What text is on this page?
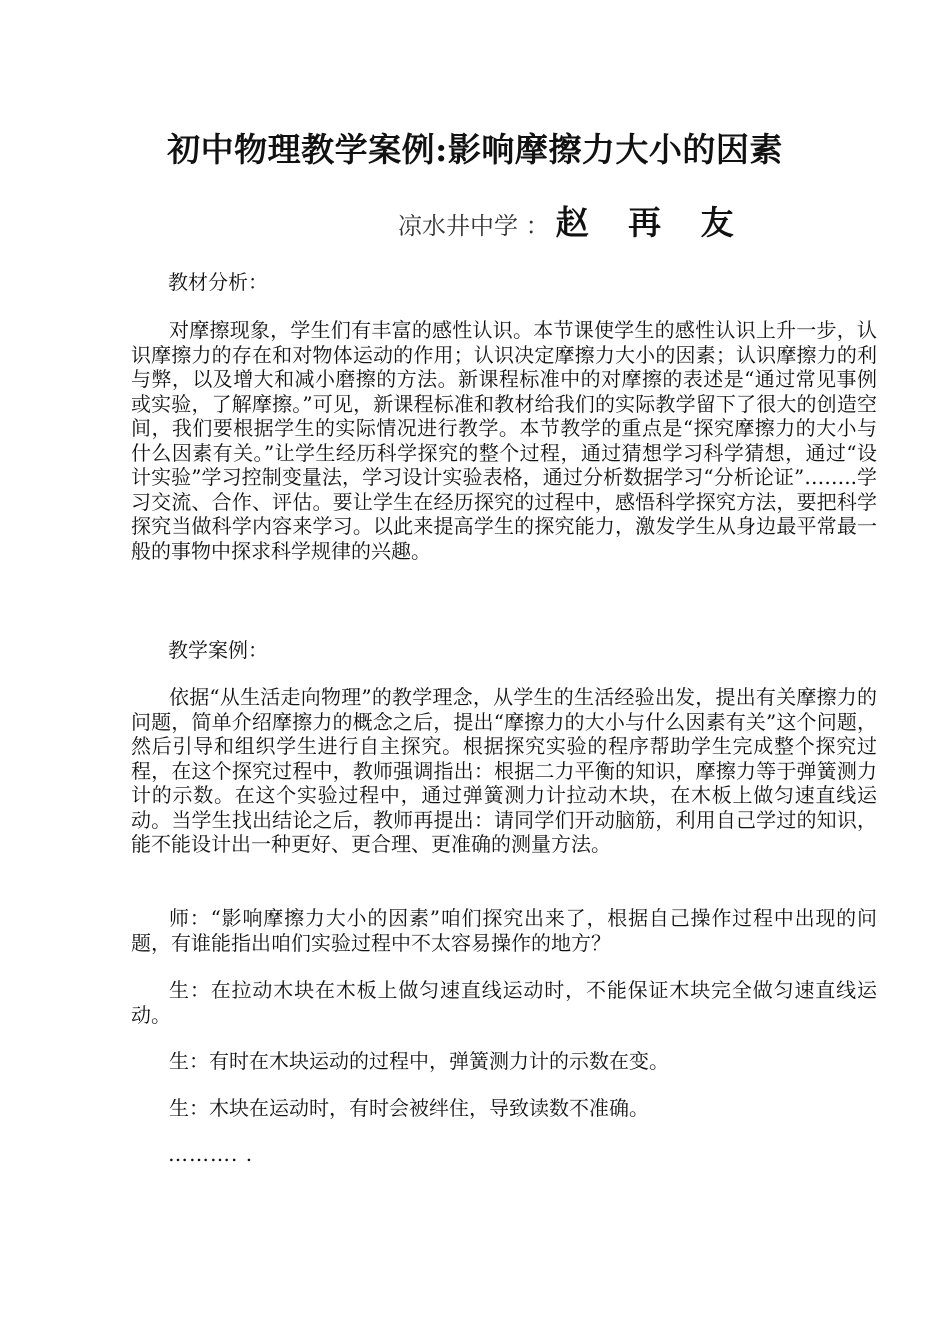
初中物理教学案例:影响摩擦力大小的因素
凉水井中学 ： 赵 再 友
教材分析：

对摩擦现象，学生们有丰富的感性认识。本节课使学生的感性认识上升一步，认识摩擦力的存在和对物体运动的作用；认识决定摩擦力大小的因素；认识摩擦力的利与弊，以及增大和减小磨擦的方法。新课程标准中的对摩擦的表述是“通过常见事例或实验，了解摩擦。”可见，新课程标准和教材给我们的实际教学留下了很大的创造空间，我们要根据学生的实际情况进行教学。本节教学的重点是“探究摩擦力的大小与什么因素有关。”让学生经历科学探究的整个过程，通过猜想学习科学猜想，通过“设计实验”学习控制变量法，学习设计实验表格，通过分析数据学习“分析论证”……..学习交流、合作、评估。要让学生在经历探究的过程中，感悟科学探究方法，要把科学探究当做科学内容来学习。以此来提高学生的探究能力，激发学生从身边最平常最一般的事物中探求科学规律的兴趣。

教学案例：

依据“从生活走向物理”的教学理念，从学生的生活经验出发，提出有关摩擦力的问题，简单介绍摩擦力的概念之后，提出“摩擦力的大小与什么因素有关”这个问题，然后引导和组织学生进行自主探究。根据探究实验的程序帮助学生完成整个探究过程，在这个探究过程中，教师强调指出：根据二力平衡的知识，摩擦力等于弹簧测力计的示数。在这个实验过程中，通过弹簧测力计拉动木块，在木板上做匀速直线运动。当学生找出结论之后，教师再提出：请同学们开动脑筋，利用自己学过的知识，能不能设计出一种更好、更合理、更准确的测量方法。

师：“影响摩擦力大小的因素”咱们探究出来了，根据自己操作过程中出现的问题，有谁能指出咱们实验过程中不太容易操作的地方？

生：在拉动木块在木板上做匀速直线运动时，不能保证木块完全做匀速直线运动。

生：有时在木块运动的过程中，弹簧测力计的示数在变。

生：木块在运动时，有时会被绊住，导致读数不准确。

………. .
